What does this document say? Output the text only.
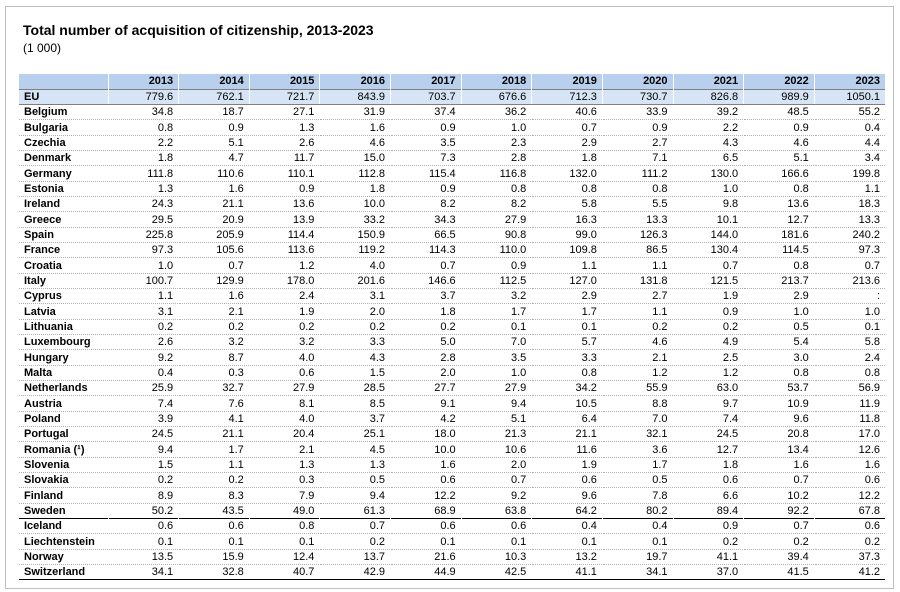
Total number of acquisition of citizenship, 2013-2023
(1 000)
	2013	2014	2015	2016	2017	2018	2019	2020	2021	2022	2023
EU	779.6	762.1	721.7	843.9	703.7	676.6	712.3	730.7	826.8	989.9	1050.1
Belgium	34.8	18.7	27.1	31.9	37.4	36.2	40.6	33.9	39.2	48.5	55.2
Bulgaria	0.8	0.9	1.3	1.6	0.9	1.0	0.7	0.9	2.2	0.9	0.4
Czechia	2.2	5.1	2.6	4.6	3.5	2.3	2.9	2.7	4.3	4.6	4.4
Denmark	1.8	4.7	11.7	15.0	7.3	2.8	1.8	7.1	6.5	5.1	3.4
Germany	111.8	110.6	110.1	112.8	115.4	116.8	132.0	111.2	130.0	166.6	199.8
Estonia	1.3	1.6	0.9	1.8	0.9	0.8	0.8	0.8	1.0	0.8	1.1
Ireland	24.3	21.1	13.6	10.0	8.2	8.2	5.8	5.5	9.8	13.6	18.3
Greece	29.5	20.9	13.9	33.2	34.3	27.9	16.3	13.3	10.1	12.7	13.3
Spain	225.8	205.9	114.4	150.9	66.5	90.8	99.0	126.3	144.0	181.6	240.2
France	97.3	105.6	113.6	119.2	114.3	110.0	109.8	86.5	130.4	114.5	97.3
Croatia	1.0	0.7	1.2	4.0	0.7	0.9	1.1	1.1	0.7	0.8	0.7
Italy	100.7	129.9	178.0	201.6	146.6	112.5	127.0	131.8	121.5	213.7	213.6
Cyprus	1.1	1.6	2.4	3.1	3.7	3.2	2.9	2.7	1.9	2.9	:
Latvia	3.1	2.1	1.9	2.0	1.8	1.7	1.7	1.1	0.9	1.0	1.0
Lithuania	0.2	0.2	0.2	0.2	0.2	0.1	0.1	0.2	0.2	0.5	0.1
Luxembourg	2.6	3.2	3.2	3.3	5.0	7.0	5.7	4.6	4.9	5.4	5.8
Hungary	9.2	8.7	4.0	4.3	2.8	3.5	3.3	2.1	2.5	3.0	2.4
Malta	0.4	0.3	0.6	1.5	2.0	1.0	0.8	1.2	1.2	0.8	0.8
Netherlands	25.9	32.7	27.9	28.5	27.7	27.9	34.2	55.9	63.0	53.7	56.9
Austria	7.4	7.6	8.1	8.5	9.1	9.4	10.5	8.8	9.7	10.9	11.9
Poland	3.9	4.1	4.0	3.7	4.2	5.1	6.4	7.0	7.4	9.6	11.8
Portugal	24.5	21.1	20.4	25.1	18.0	21.3	21.1	32.1	24.5	20.8	17.0
Romania (¹)	9.4	1.7	2.1	4.5	10.0	10.6	11.6	3.6	12.7	13.4	12.6
Slovenia	1.5	1.1	1.3	1.3	1.6	2.0	1.9	1.7	1.8	1.6	1.6
Slovakia	0.2	0.2	0.3	0.5	0.6	0.7	0.6	0.5	0.6	0.7	0.6
Finland	8.9	8.3	7.9	9.4	12.2	9.2	9.6	7.8	6.6	10.2	12.2
Sweden	50.2	43.5	49.0	61.3	68.9	63.8	64.2	80.2	89.4	92.2	67.8
Iceland	0.6	0.6	0.8	0.7	0.6	0.6	0.4	0.4	0.9	0.7	0.6
Liechtenstein	0.1	0.1	0.1	0.2	0.1	0.1	0.1	0.1	0.2	0.2	0.2
Norway	13.5	15.9	12.4	13.7	21.6	10.3	13.2	19.7	41.1	39.4	37.3
Switzerland	34.1	32.8	40.7	42.9	44.9	42.5	41.1	34.1	37.0	41.5	41.2
